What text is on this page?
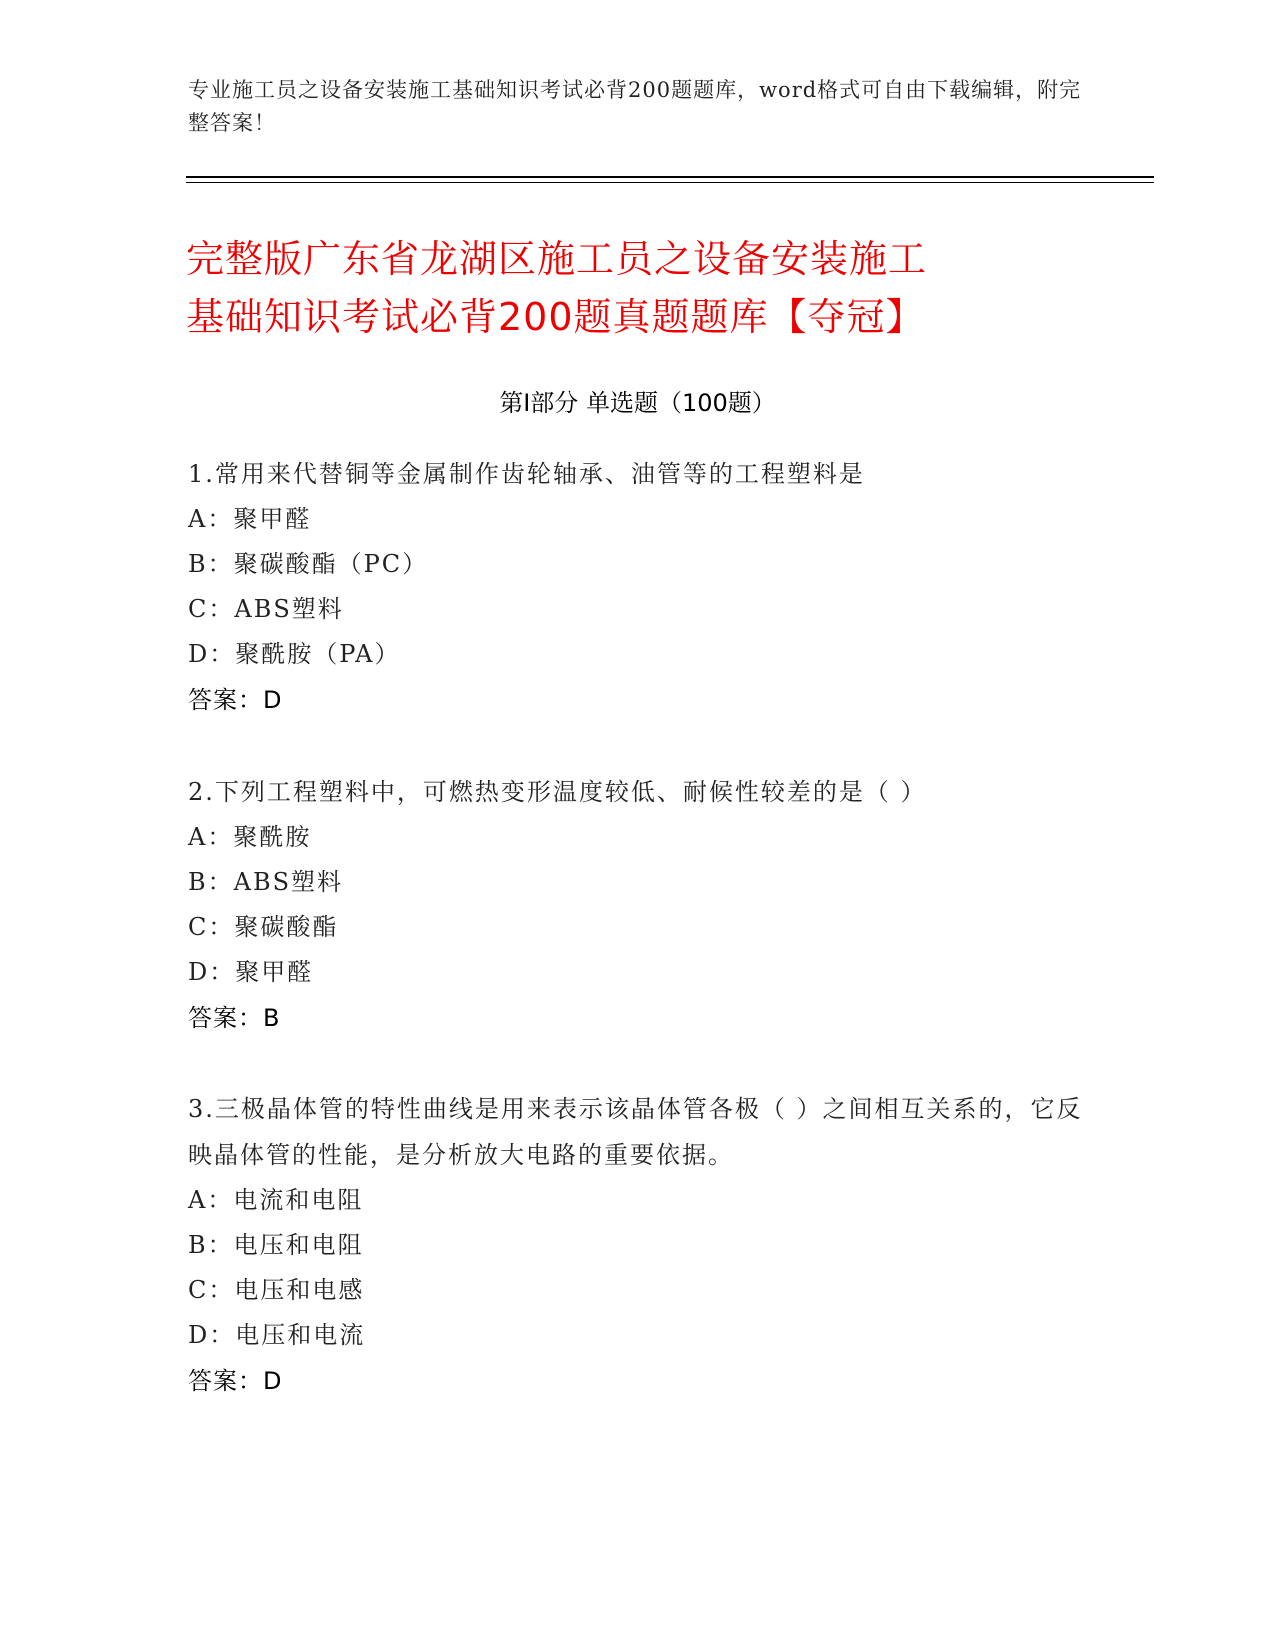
专业施工员之设备安装施工基础知识考试必背200题题库，word格式可自由下载编辑，附完整答案！
完整版广东省龙湖区施工员之设备安装施工
基础知识考试必背200题真题题库【夺冠】
第Ⅰ部分 单选题（100题）
1.常用来代替铜等金属制作齿轮轴承、油管等的工程塑料是
A：聚甲醛
B：聚碳酸酯（PC）
C：ABS塑料
D：聚酰胺（PA）
答案：D
2.下列工程塑料中，可燃热变形温度较低、耐候性较差的是（ ）
A：聚酰胺
B：ABS塑料
C：聚碳酸酯
D：聚甲醛
答案：B
3.三极晶体管的特性曲线是用来表示该晶体管各极（ ）之间相互关系的，它反映晶体管的性能，是分析放大电路的重要依据。
A：电流和电阻
B：电压和电阻
C：电压和电感
D：电压和电流
答案：D
